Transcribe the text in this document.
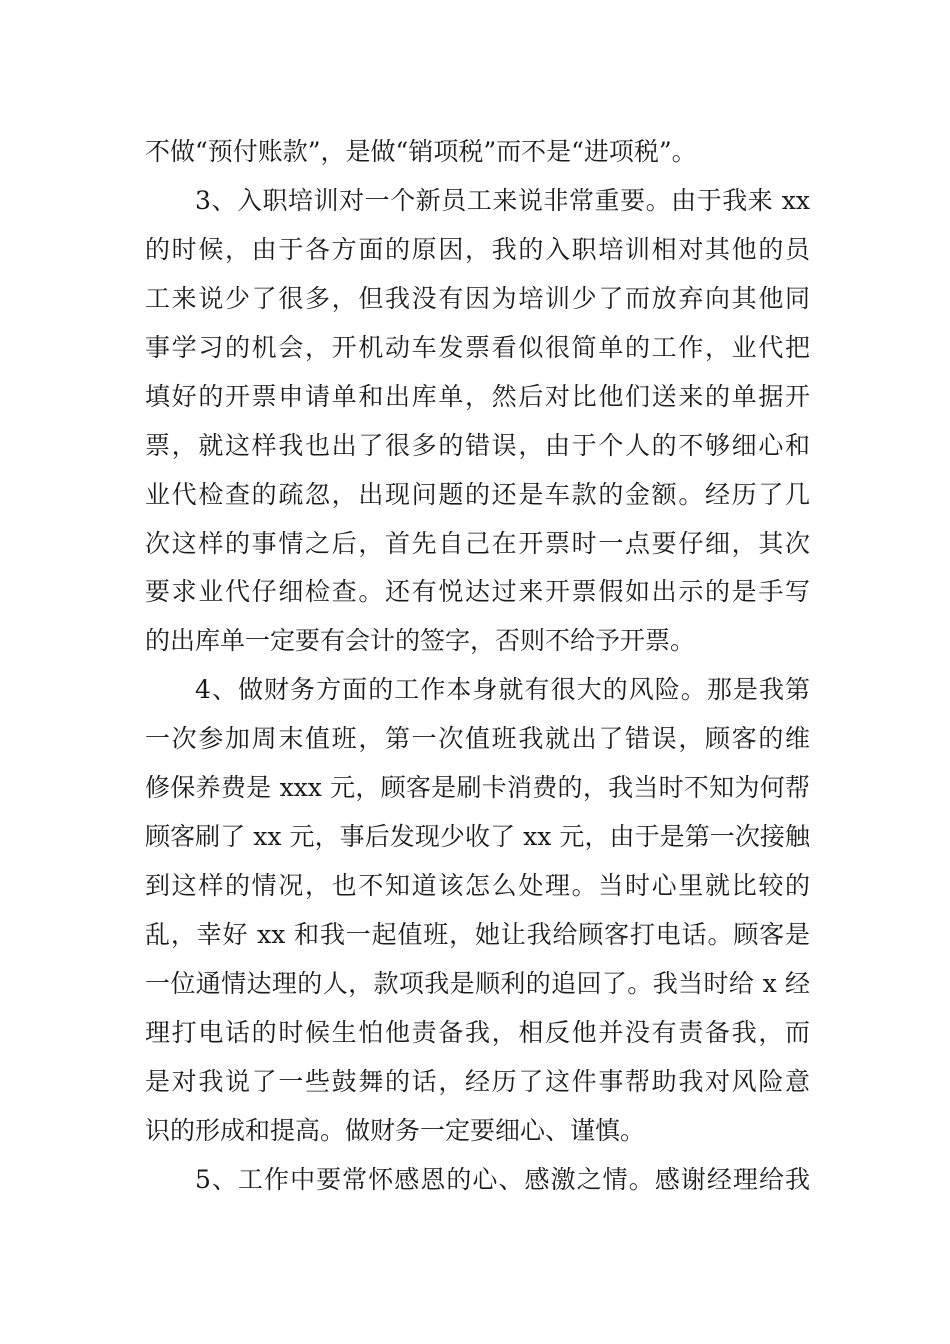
不做“预付账款”，是做“销项税”而不是“进项税”。
3、入职培训对一个新员工来说非常重要。由于我来 xx
的时候，由于各方面的原因，我的入职培训相对其他的员
工来说少了很多，但我没有因为培训少了而放弃向其他同
事学习的机会，开机动车发票看似很简单的工作，业代把
填好的开票申请单和出库单，然后对比他们送来的单据开
票，就这样我也出了很多的错误，由于个人的不够细心和
业代检查的疏忽，出现问题的还是车款的金额。经历了几
次这样的事情之后，首先自己在开票时一点要仔细，其次
要求业代仔细检查。还有悦达过来开票假如出示的是手写
的出库单一定要有会计的签字，否则不给予开票。
4、做财务方面的工作本身就有很大的风险。那是我第
一次参加周末值班，第一次值班我就出了错误，顾客的维
修保养费是 xxx 元，顾客是刷卡消费的，我当时不知为何帮
顾客刷了 xx 元，事后发现少收了 xx 元，由于是第一次接触
到这样的情况，也不知道该怎么处理。当时心里就比较的
乱，幸好 xx 和我一起值班，她让我给顾客打电话。顾客是
一位通情达理的人，款项我是顺利的追回了。我当时给 x 经
理打电话的时候生怕他责备我，相反他并没有责备我，而
是对我说了一些鼓舞的话，经历了这件事帮助我对风险意
识的形成和提高。做财务一定要细心、谨慎。
5、工作中要常怀感恩的心、感激之情。感谢经理给我
